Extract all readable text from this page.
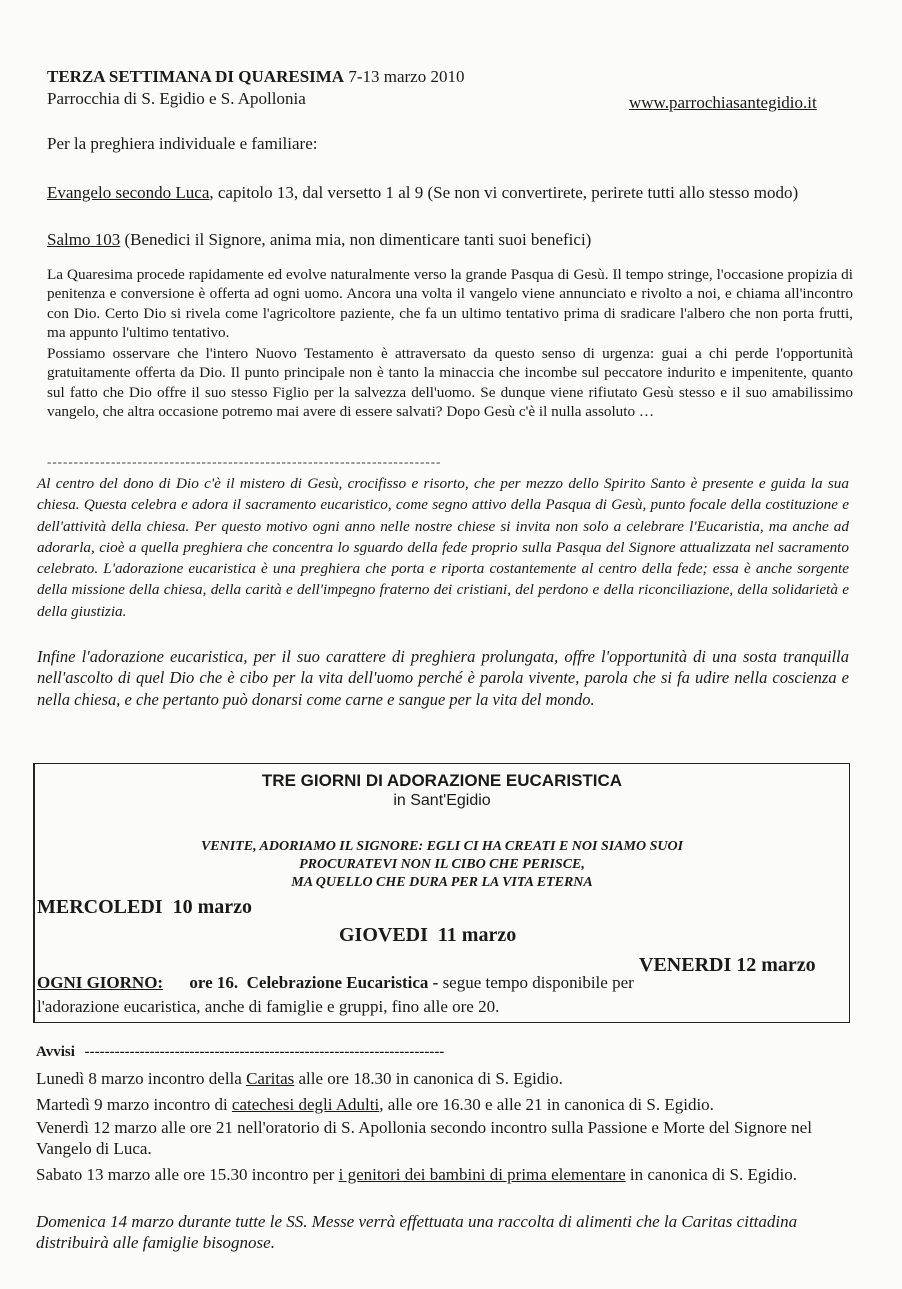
TERZA SETTIMANA DI QUARESIMA 7-13 marzo 2010
Parrocchia di S. Egidio e S. Apollonia	www.parrochiasantegidio.it
Per la preghiera individuale e familiare:
Evangelo secondo Luca, capitolo 13, dal versetto 1 al 9 (Se non vi convertirete, perirete tutti allo stesso modo)
Salmo 103 (Benedici il Signore, anima mia, non dimenticare tanti suoi benefici)
La Quaresima procede rapidamente ed evolve naturalmente verso la grande Pasqua di Gesù. Il tempo stringe, l'occasione propizia di penitenza e conversione è offerta ad ogni uomo. Ancora una volta il vangelo viene annunciato e rivolto a noi, e chiama all'incontro con Dio. Certo Dio si rivela come l'agricoltore paziente, che fa un ultimo tentativo prima di sradicare l'albero che non porta frutti, ma appunto l'ultimo tentativo.
Possiamo osservare che l'intero Nuovo Testamento è attraversato da questo senso di urgenza: guai a chi perde l'opportunità gratuitamente offerta da Dio. Il punto principale non è tanto la minaccia che incombe sul peccatore indurito e impenitente, quanto sul fatto che Dio offre il suo stesso Figlio per la salvezza dell'uomo. Se dunque viene rifiutato Gesù stesso e il suo amabilissimo vangelo, che altra occasione potremo mai avere di essere salvati? Dopo Gesù c'è il nulla assoluto …
--------------------------------------------------------------------------
Al centro del dono di Dio c'è il mistero di Gesù, crocifisso e risorto, che per mezzo dello Spirito Santo è presente e guida la sua chiesa. Questa celebra e adora il sacramento eucaristico, come segno attivo della Pasqua di Gesù, punto focale della costituzione e dell'attività della chiesa. Per questo motivo ogni anno nelle nostre chiese si invita non solo a celebrare l'Eucaristia, ma anche ad adorarla, cioè a quella preghiera che concentra lo sguardo della fede proprio sulla Pasqua del Signore attualizzata nel sacramento celebrato. L'adorazione eucaristica è una preghiera che porta e riporta costantemente al centro della fede; essa è anche sorgente della missione della chiesa, della carità e dell'impegno fraterno dei cristiani, del perdono e della riconciliazione, della solidarietà e della giustizia.
Infine l'adorazione eucaristica, per il suo carattere di preghiera prolungata, offre l'opportunità di una sosta tranquilla nell'ascolto di quel Dio che è cibo per la vita dell'uomo perché è parola vivente, parola che si fa udire nella coscienza e nella chiesa, e che pertanto può donarsi come carne e sangue per la vita del mondo.
TRE GIORNI DI ADORAZIONE EUCARISTICA
in Sant'Egidio
VENITE, ADORIAMO IL SIGNORE: EGLI CI HA CREATI E NOI SIAMO SUOI
PROCURATEVI NON IL CIBO CHE PERISCE,
MA QUELLO CHE DURA PER LA VITA ETERNA
MERCOLEDI  10 marzo
GIOVEDI  11 marzo
VENERDI 12 marzo
OGNI GIORNO: ore 16.  Celebrazione Eucaristica - segue tempo disponibile per
l'adorazione eucaristica, anche di famiglie e gruppi, fino alle ore 20.
Avvisi ------------------------------------------------------------------------
Lunedì 8 marzo incontro della Caritas alle ore 18.30 in canonica di S. Egidio.
Martedì 9 marzo incontro di catechesi degli Adulti, alle ore 16.30 e alle 21 in canonica di S. Egidio.
Venerdì 12 marzo alle ore 21 nell'oratorio di S. Apollonia secondo incontro sulla Passione e Morte del Signore nel Vangelo di Luca.
Sabato 13 marzo alle ore 15.30 incontro per i genitori dei bambini di prima elementare in canonica di S. Egidio.
Domenica 14 marzo durante tutte le SS. Messe verrà effettuata una raccolta di alimenti che la Caritas cittadina distribuirà alle famiglie bisognose.
